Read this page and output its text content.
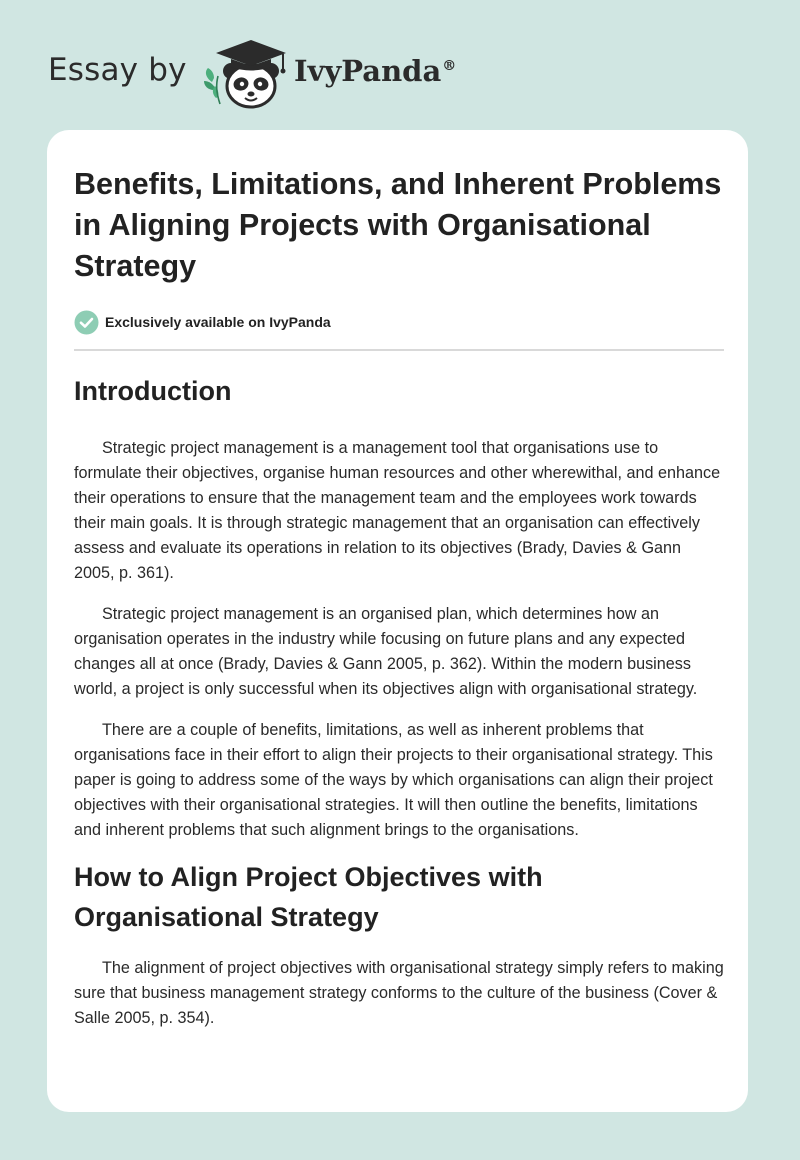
Essay by	IvyPanda®
Benefits, Limitations, and Inherent Problems in Aligning Projects with Organisational Strategy
Exclusively available on IvyPanda
Introduction

Strategic project management is a management tool that organisations use to formulate their objectives, organise human resources and other wherewithal, and enhance their operations to ensure that the management team and the employees work towards their main goals. It is through strategic management that an organisation can effectively assess and evaluate its operations in relation to its objectives (Brady, Davies & Gann 2005, p. 361).

Strategic project management is an organised plan, which determines how an organisation operates in the industry while focusing on future plans and any expected changes all at once (Brady, Davies & Gann 2005, p. 362). Within the modern business world, a project is only successful when its objectives align with organisational strategy.

There are a couple of benefits, limitations, as well as inherent problems that organisations face in their effort to align their projects to their organisational strategy. This paper is going to address some of the ways by which organisations can align their project objectives with their organisational strategies. It will then outline the benefits, limitations and inherent problems that such alignment brings to the organisations.

How to Align Project Objectives with Organisational Strategy

The alignment of project objectives with organisational strategy simply refers to making sure that business management strategy conforms to the culture of the business (Cover & Salle 2005, p. 354).
